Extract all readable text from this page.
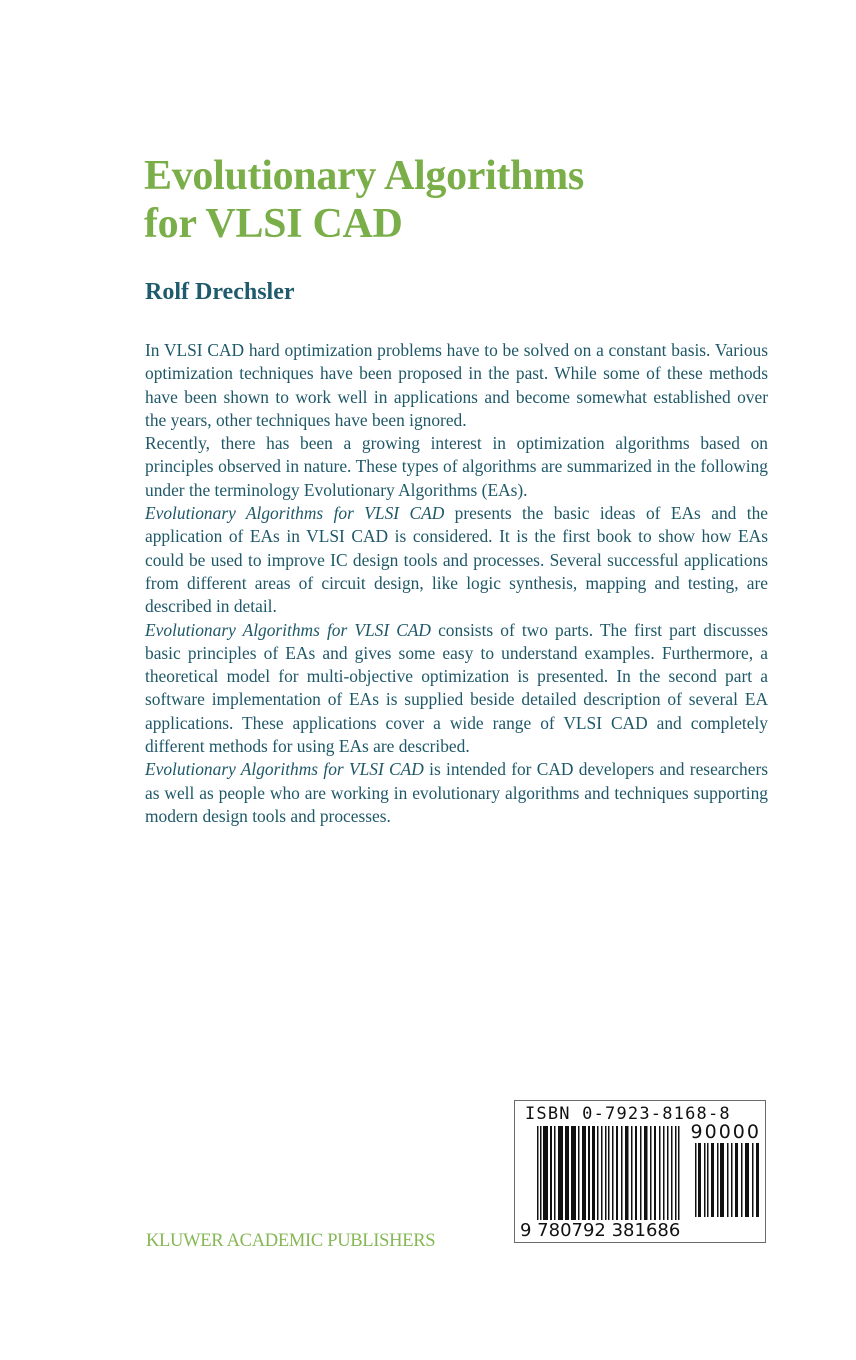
Evolutionary Algorithms
for VLSI CAD
Rolf Drechsler

In VLSI CAD hard optimization problems have to be solved on a constant basis. Various optimization techniques have been proposed in the past. While some of these methods have been shown to work well in applications and become somewhat established over the years, other techniques have been ignored.

Recently, there has been a growing interest in optimization algorithms based on principles observed in nature. These types of algorithms are summarized in the following under the terminology Evolutionary Algorithms (EAs).

Evolutionary Algorithms for VLSI CAD presents the basic ideas of EAs and the application of EAs in VLSI CAD is considered. It is the first book to show how EAs could be used to improve IC design tools and processes. Several successful applications from different areas of circuit design, like logic synthesis, mapping and testing, are described in detail.

Evolutionary Algorithms for VLSI CAD consists of two parts. The first part discusses basic principles of EAs and gives some easy to understand examples. Furthermore, a theoretical model for multi-objective optimization is presented. In the second part a software implementation of EAs is supplied beside detailed description of several EA applications. These applications cover a wide range of VLSI CAD and completely different methods for using EAs are described.

Evolutionary Algorithms for VLSI CAD is intended for CAD developers and researchers as well as people who are working in evolutionary algorithms and techniques supporting modern design tools and processes.

KLUWER ACADEMIC PUBLISHERS
ISBN 0-7923-8168-8
90000
9 780792 381686
